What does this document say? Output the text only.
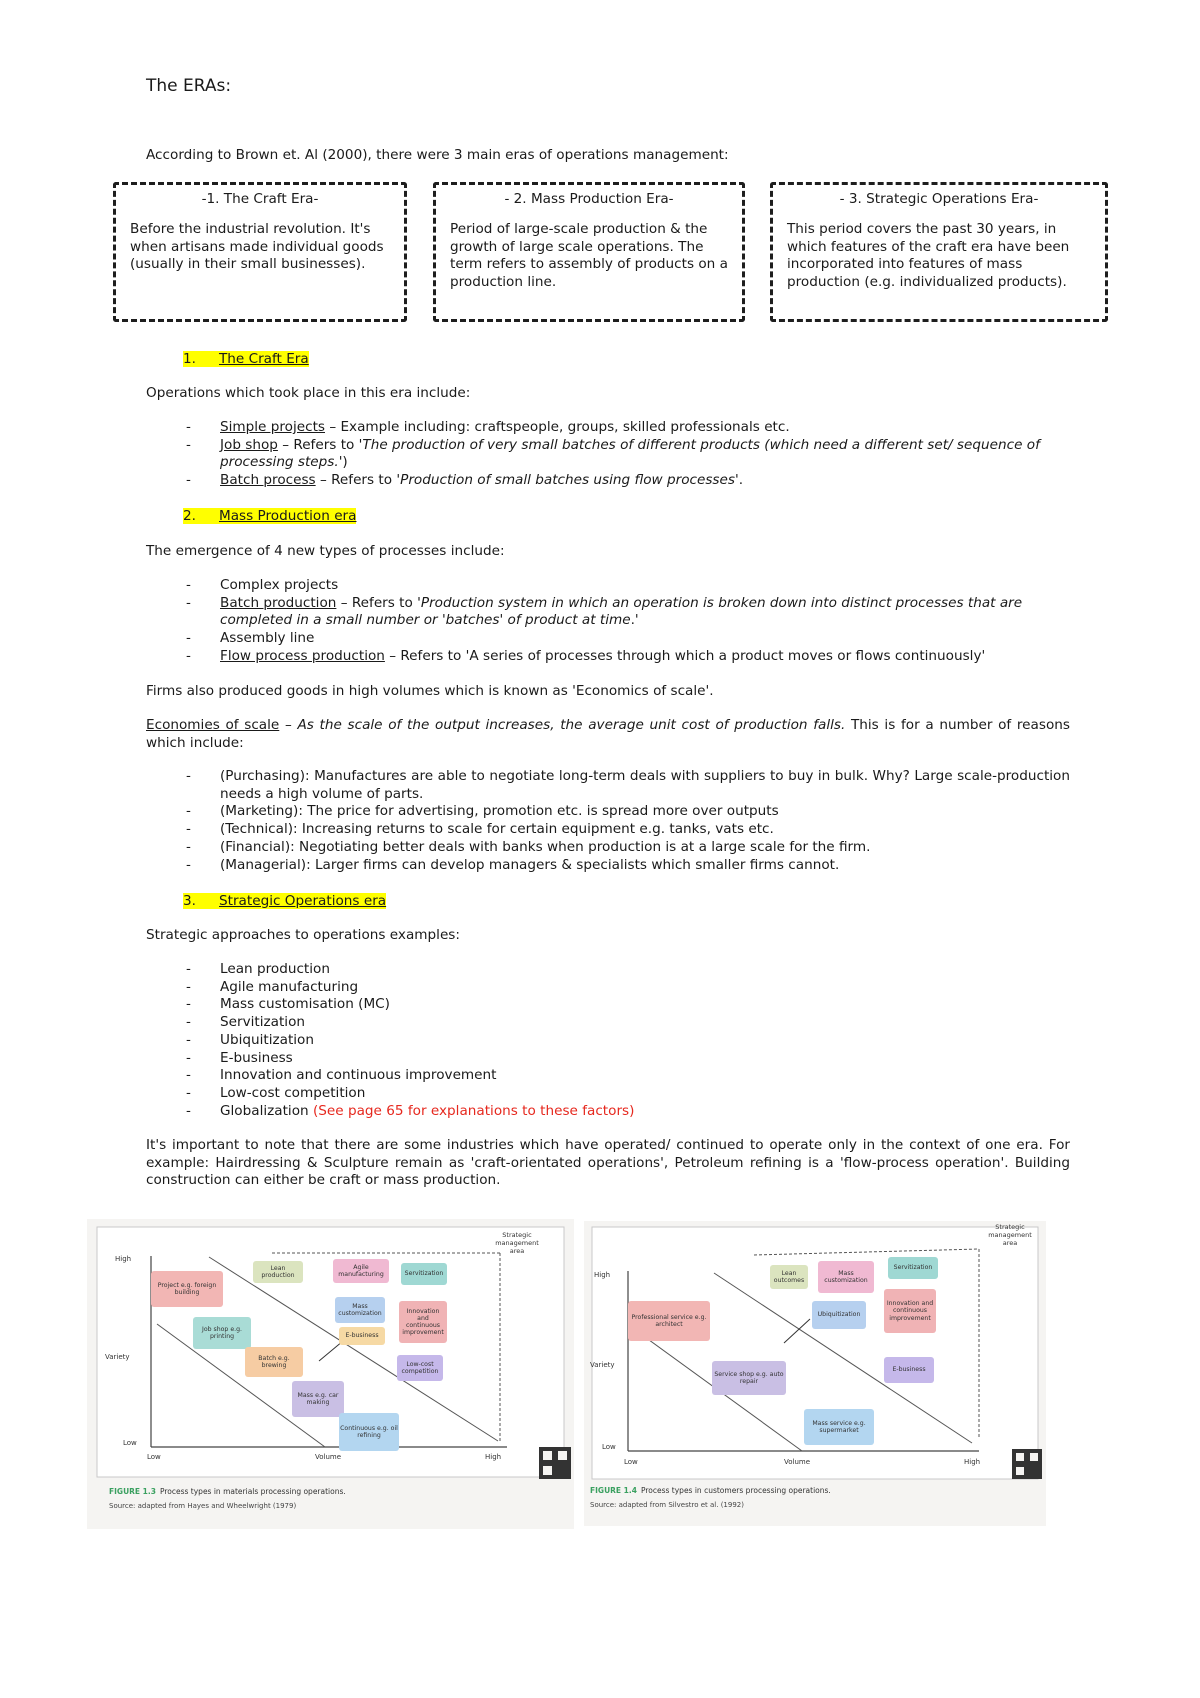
The ERAs:
According to Brown et. Al (2000), there were 3 main eras of operations management:
-1. The Craft Era-
Before the industrial revolution. It's when artisans made individual goods (usually in their small businesses).
- 2. Mass Production Era-
Period of large-scale production & the growth of large scale operations. The term refers to assembly of products on a production line.
- 3. Strategic Operations Era-
This period covers the past 30 years, in which features of the craft era have been incorporated into features of mass production (e.g. individualized products).
1. The Craft Era
Operations which took place in this era include:
- Simple projects – Example including: craftspeople, groups, skilled professionals etc.
- Job shop – Refers to 'The production of very small batches of different products (which need a different set/ sequence of processing steps.')
- Batch process – Refers to 'Production of small batches using flow processes'.
2. Mass Production era
The emergence of 4 new types of processes include:
- Complex projects
- Batch production – Refers to 'Production system in which an operation is broken down into distinct processes that are completed in a small number or 'batches' of product at time.'
- Assembly line
- Flow process production – Refers to 'A series of processes through which a product moves or flows continuously'
Firms also produced goods in high volumes which is known as 'Economics of scale'.
Economies of scale – As the scale of the output increases, the average unit cost of production falls. This is for a number of reasons which include:
- (Purchasing): Manufactures are able to negotiate long-term deals with suppliers to buy in bulk. Why? Large scale-production needs a high volume of parts.
- (Marketing): The price for advertising, promotion etc. is spread more over outputs
- (Technical): Increasing returns to scale for certain equipment e.g. tanks, vats etc.
- (Financial): Negotiating better deals with banks when production is at a large scale for the firm.
- (Managerial): Larger firms can develop managers & specialists which smaller firms cannot.
3. Strategic Operations era
Strategic approaches to operations examples:
- Lean production
- Agile manufacturing
- Mass customisation (MC)
- Servitization
- Ubiquitization
- E-business
- Innovation and continuous improvement
- Low-cost competition
- Globalization (See page 65 for explanations to these factors)
It's important to note that there are some industries which have operated/ continued to operate only in the context of one era. For example: Hairdressing & Sculpture remain as 'craft-orientated operations', Petroleum refining is a 'flow-process operation'. Building construction can either be craft or mass production.
High
Variety
Low
Low	Volume	High
Strategic management area
Project e.g. foreign building
Job shop e.g. printing
Batch e.g. brewing
Mass e.g. car making
Continuous e.g. oil refining
Lean production
Agile manufacturing	Servitization
Mass customization	Innovation and continuous improvement
E-business
Low-cost competition
FIGURE 1.3 Process types in materials processing operations.
Source: adapted from Hayes and Wheelwright (1979)
High
Variety
Low
Low	Volume	High
Strategic management area
Professional service e.g. architect
Service shop e.g. auto repair
Mass service e.g. supermarket
Lean outcomes
Mass customization
Servitization
Ubiquitization
Innovation and continuous improvement
E-business
FIGURE 1.4 Process types in customers processing operations.
Source: adapted from Silvestro et al. (1992)
